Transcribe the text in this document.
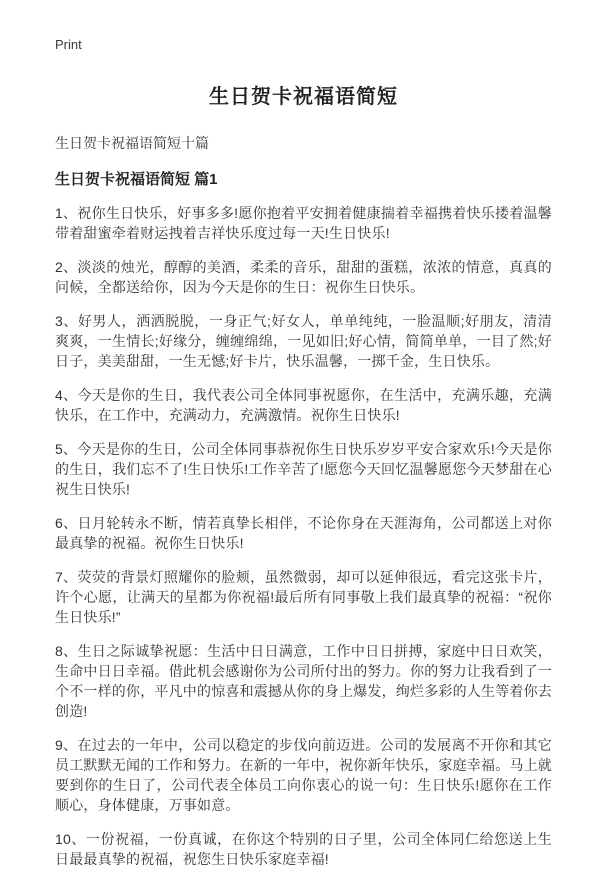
Print
生日贺卡祝福语简短
生日贺卡祝福语简短十篇
生日贺卡祝福语简短 篇1

1、祝你生日快乐，好事多多!愿你抱着平安拥着健康揣着幸福携着快乐搂着温馨带着甜蜜牵着财运拽着吉祥快乐度过每一天!生日快乐!

2、淡淡的烛光，醇醇的美酒，柔柔的音乐，甜甜的蛋糕，浓浓的情意，真真的问候，全都送给你，因为今天是你的生日：祝你生日快乐。

3、好男人，洒洒脱脱，一身正气;好女人，单单纯纯，一脸温顺;好朋友，清清爽爽，一生情长;好缘分，缠缠绵绵，一见如旧;好心情，简简单单，一目了然;好日子，美美甜甜，一生无憾;好卡片，快乐温馨，一掷千金，生日快乐。

4、今天是你的生日，我代表公司全体同事祝愿你，在生活中，充满乐趣，充满快乐，在工作中，充满动力，充满激情。祝你生日快乐!

5、今天是你的生日，公司全体同事恭祝你生日快乐岁岁平安合家欢乐!今天是你的生日，我们忘不了!生日快乐!工作辛苦了!愿您今天回忆温馨愿您今天梦甜在心祝生日快乐!

6、日月轮转永不断，情若真挚长相伴，不论你身在天涯海角，公司都送上对你最真挚的祝福。祝你生日快乐!

7、荧荧的背景灯照耀你的脸颊，虽然微弱，却可以延伸很远，看完这张卡片，许个心愿，让满天的星都为你祝福!最后所有同事敬上我们最真挚的祝福：“祝你生日快乐!”

8、生日之际诚挚祝愿：生活中日日满意，工作中日日拼搏，家庭中日日欢笑，生命中日日幸福。借此机会感谢你为公司所付出的努力。你的努力让我看到了一个不一样的你，平凡中的惊喜和震撼从你的身上爆发，绚烂多彩的人生等着你去创造!

9、在过去的一年中，公司以稳定的步伐向前迈进。公司的发展离不开你和其它员工默默无闻的工作和努力。在新的一年中，祝你新年快乐，家庭幸福。马上就要到你的生日了，公司代表全体员工向你衷心的说一句：生日快乐!愿你在工作顺心，身体健康，万事如意。

10、一份祝福，一份真诚，在你这个特别的日子里，公司全体同仁给您送上生日最最真挚的祝福，祝您生日快乐家庭幸福!
